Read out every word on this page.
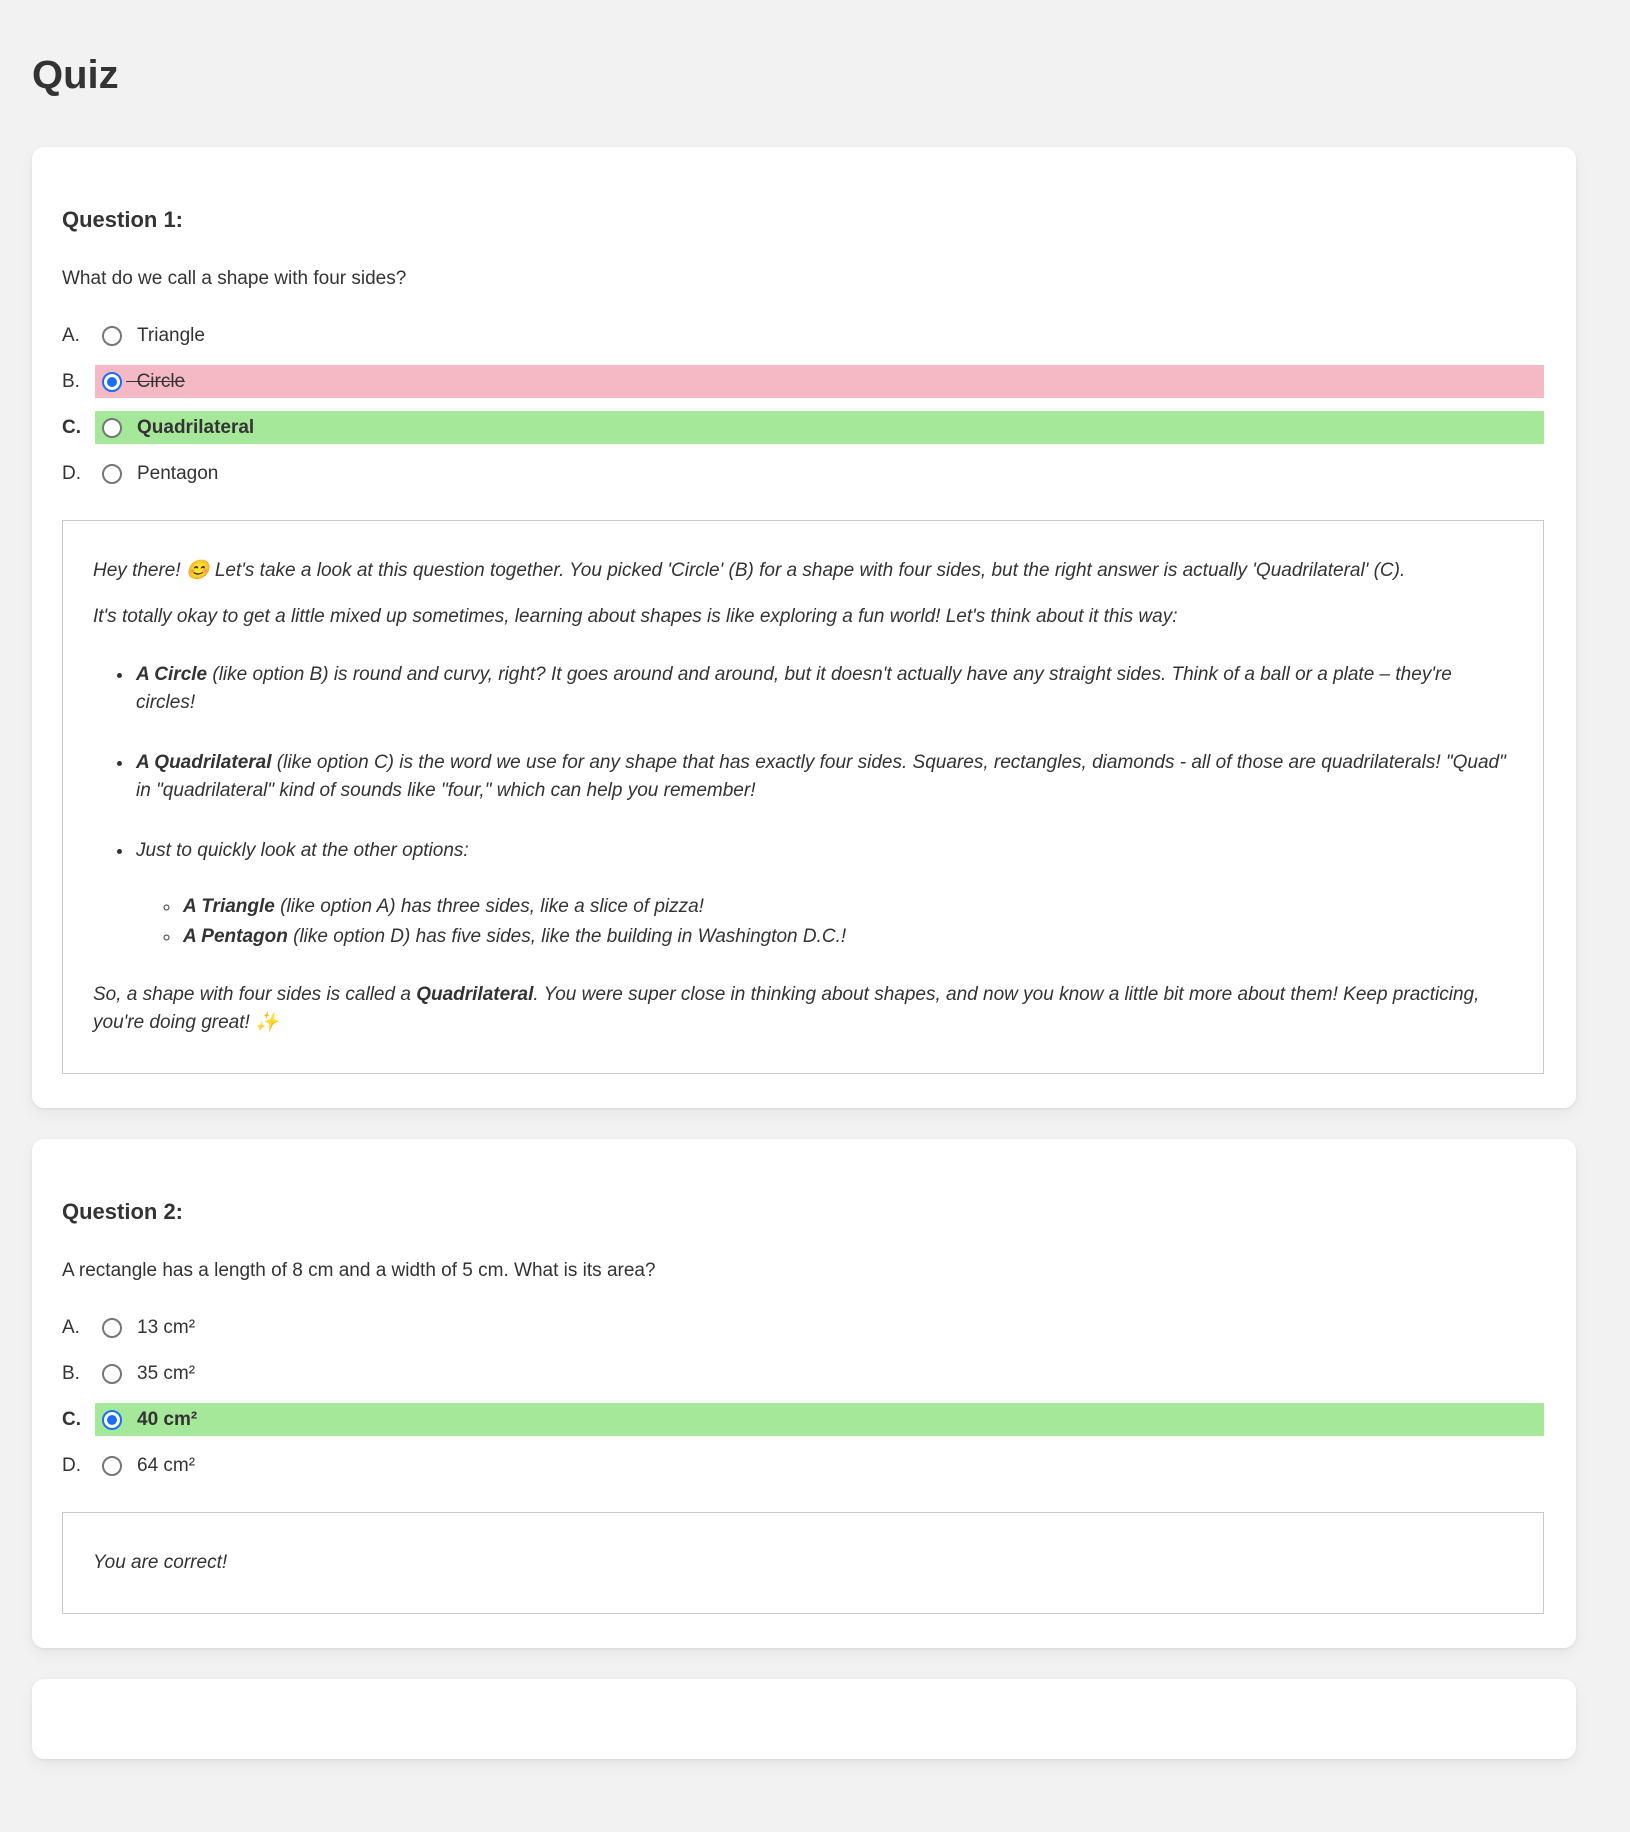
Quiz
Question 1:

What do we call a shape with four sides?

A.	Triangle
B.	Circle
C.	Quadrilateral
D.	Pentagon

Hey there! 😊 Let's take a look at this question together. You picked 'Circle' (B) for a shape with four sides, but the right answer is actually 'Quadrilateral' (C).

It's totally okay to get a little mixed up sometimes, learning about shapes is like exploring a fun world! Let's think about it this way:

• A Circle (like option B) is round and curvy, right? It goes around and around, but it doesn't actually have any straight sides. Think of a ball or a plate – they're circles!
• A Quadrilateral (like option C) is the word we use for any shape that has exactly four sides. Squares, rectangles, diamonds - all of those are quadrilaterals! "Quad" in "quadrilateral" kind of sounds like "four," which can help you remember!
• Just to quickly look at the other options:
◦ A Triangle (like option A) has three sides, like a slice of pizza!
◦ A Pentagon (like option D) has five sides, like the building in Washington D.C.!

So, a shape with four sides is called a Quadrilateral. You were super close in thinking about shapes, and now you know a little bit more about them! Keep practicing, you're doing great! ✨

Question 2:

A rectangle has a length of 8 cm and a width of 5 cm. What is its area?

A.	13 cm²
B.	35 cm²
C.	40 cm²
D.	64 cm²

You are correct!
